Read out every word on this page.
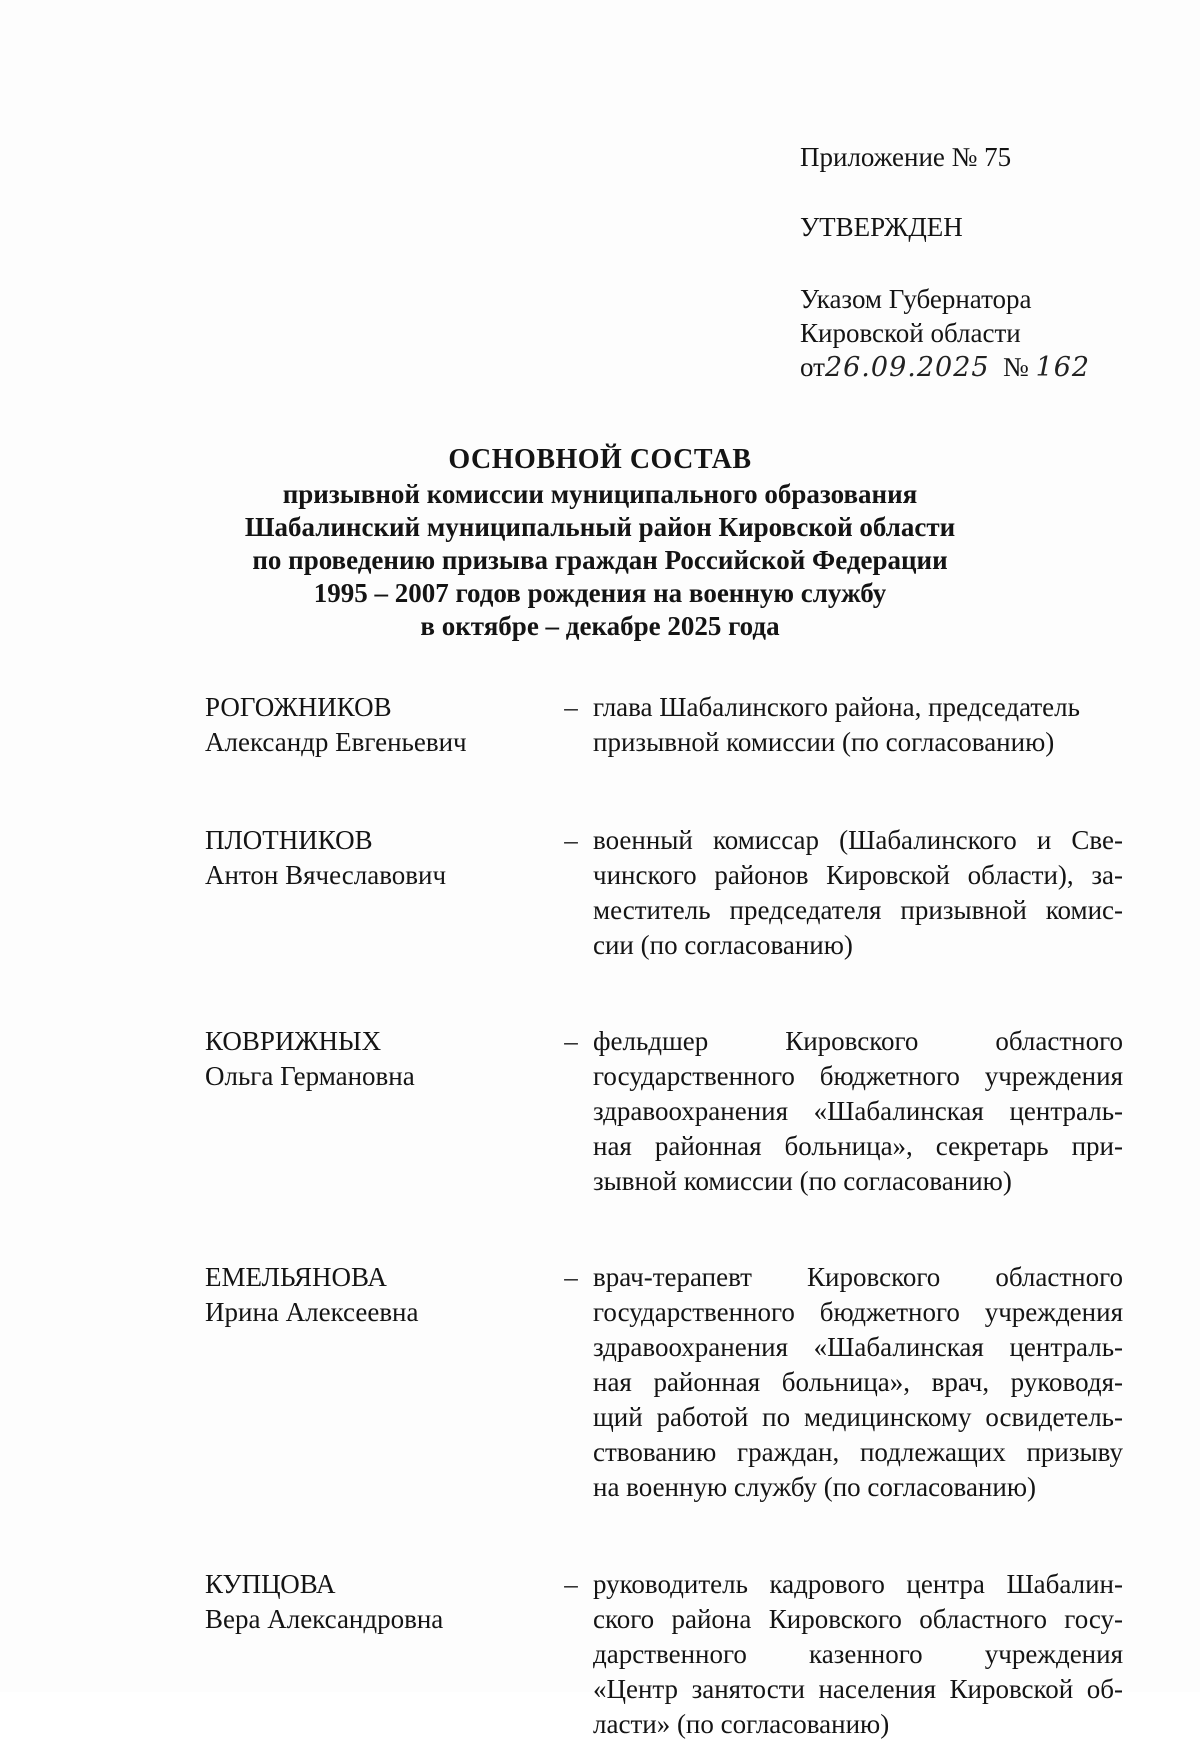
Приложение № 75
УТВЕРЖДЕН
Указом Губернатора
Кировской области
от26.09.2025 № 162
ОСНОВНОЙ СОСТАВ
призывной комиссии муниципального образования
Шабалинский муниципальный район Кировской области
по проведению призыва граждан Российской Федерации
1995 – 2007 годов рождения на военную службу
в октябре – декабре 2025 года
РОГОЖНИКОВ
Александр Евгеньевич
– глава Шабалинского района, председатель
призывной комиссии (по согласованию)
ПЛОТНИКОВ
Антон Вячеславович
– военный комиссар (Шабалинского и Све-
чинского районов Кировской области), за-
меститель председателя призывной комис-
сии (по согласованию)
КОВРИЖНЫХ
Ольга Германовна
– фельдшер Кировского областного
государственного бюджетного учреждения
здравоохранения «Шабалинская централь-
ная районная больница», секретарь при-
зывной комиссии (по согласованию)
ЕМЕЛЬЯНОВА
Ирина Алексеевна
– врач-терапевт Кировского областного
государственного бюджетного учреждения
здравоохранения «Шабалинская централь-
ная районная больница», врач, руководя-
щий работой по медицинскому освидетель-
ствованию граждан, подлежащих призыву
на военную службу (по согласованию)
КУПЦОВА
Вера Александровна
– руководитель кадрового центра Шабалин-
ского района Кировского областного госу-
дарственного казенного учреждения
«Центр занятости населения Кировской об-
ласти» (по согласованию)
